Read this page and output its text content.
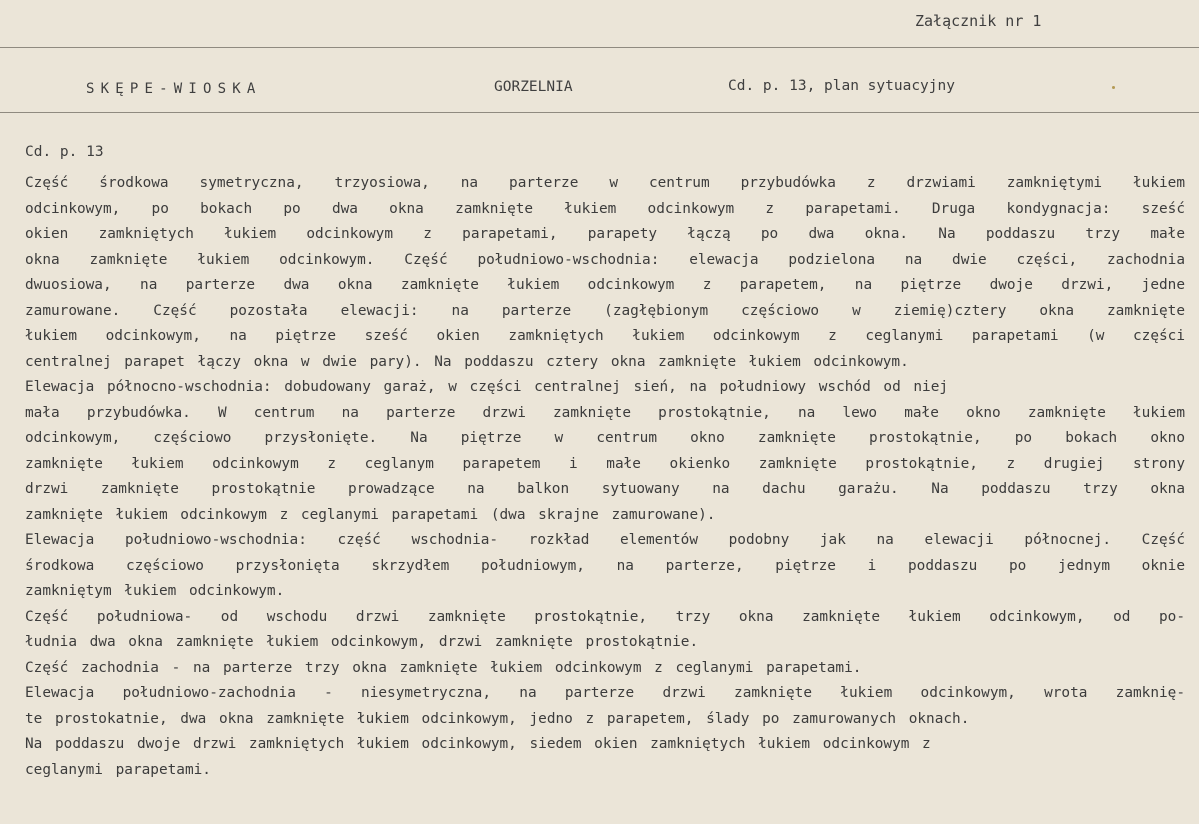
Załącznik nr 1
SKĘPE-WIOSKA	GORZELNIA	Cd. p. 13, plan sytuacyjny
Cd. p. 13
Część środkowa symetryczna, trzyosiowa, na parterze w centrum przybudówka z drzwiami zamkniętymi łukiem
odcinkowym, po bokach po dwa okna zamknięte łukiem odcinkowym z parapetami. Druga kondygnacja: sześć
okien zamkniętych łukiem odcinkowym z parapetami, parapety łączą po dwa okna. Na poddaszu trzy małe
okna zamknięte łukiem odcinkowym. Część południowo-wschodnia: elewacja podzielona na dwie części, zachodnia
dwuosiowa, na parterze dwa okna zamknięte łukiem odcinkowym z parapetem, na piętrze dwoje drzwi, jedne
zamurowane. Część pozostała elewacji: na parterze (zagłębionym częściowo w ziemię)cztery okna zamknięte
łukiem odcinkowym, na piętrze sześć okien zamkniętych łukiem odcinkowym z ceglanymi parapetami (w części
centralnej parapet łączy okna w dwie pary). Na poddaszu cztery okna zamknięte łukiem odcinkowym.
Elewacja północno-wschodnia: dobudowany garaż, w części centralnej sień, na południowy wschód od niej
mała przybudówka. W centrum na parterze drzwi zamknięte prostokątnie, na lewo małe okno zamknięte łukiem
odcinkowym, częściowo przysłonięte. Na piętrze w centrum okno zamknięte prostokątnie, po bokach okno
zamknięte łukiem odcinkowym z ceglanym parapetem i małe okienko zamknięte prostokątnie, z drugiej strony
drzwi zamknięte prostokątnie prowadzące na balkon sytuowany na dachu garażu. Na poddaszu trzy okna
zamknięte łukiem odcinkowym z ceglanymi parapetami (dwa skrajne zamurowane).
Elewacja południowo-wschodnia: część wschodnia- rozkład elementów podobny jak na elewacji północnej. Część
środkowa częściowo przysłonięta skrzydłem południowym, na parterze, piętrze i poddaszu po jednym oknie
zamkniętym łukiem odcinkowym.
Część południowa- od wschodu drzwi zamknięte prostokątnie, trzy okna zamknięte łukiem odcinkowym, od po-
łudnia dwa okna zamknięte łukiem odcinkowym, drzwi zamknięte prostokątnie.
Część zachodnia - na parterze trzy okna zamknięte łukiem odcinkowym z ceglanymi parapetami.
Elewacja południowo-zachodnia - niesymetryczna, na parterze drzwi zamknięte łukiem odcinkowym, wrota zamknię-
te prostokatnie, dwa okna zamknięte łukiem odcinkowym, jedno z parapetem, ślady po zamurowanych oknach.
Na poddaszu dwoje drzwi zamkniętych łukiem odcinkowym, siedem okien zamkniętych łukiem odcinkowym z
ceglanymi parapetami.
